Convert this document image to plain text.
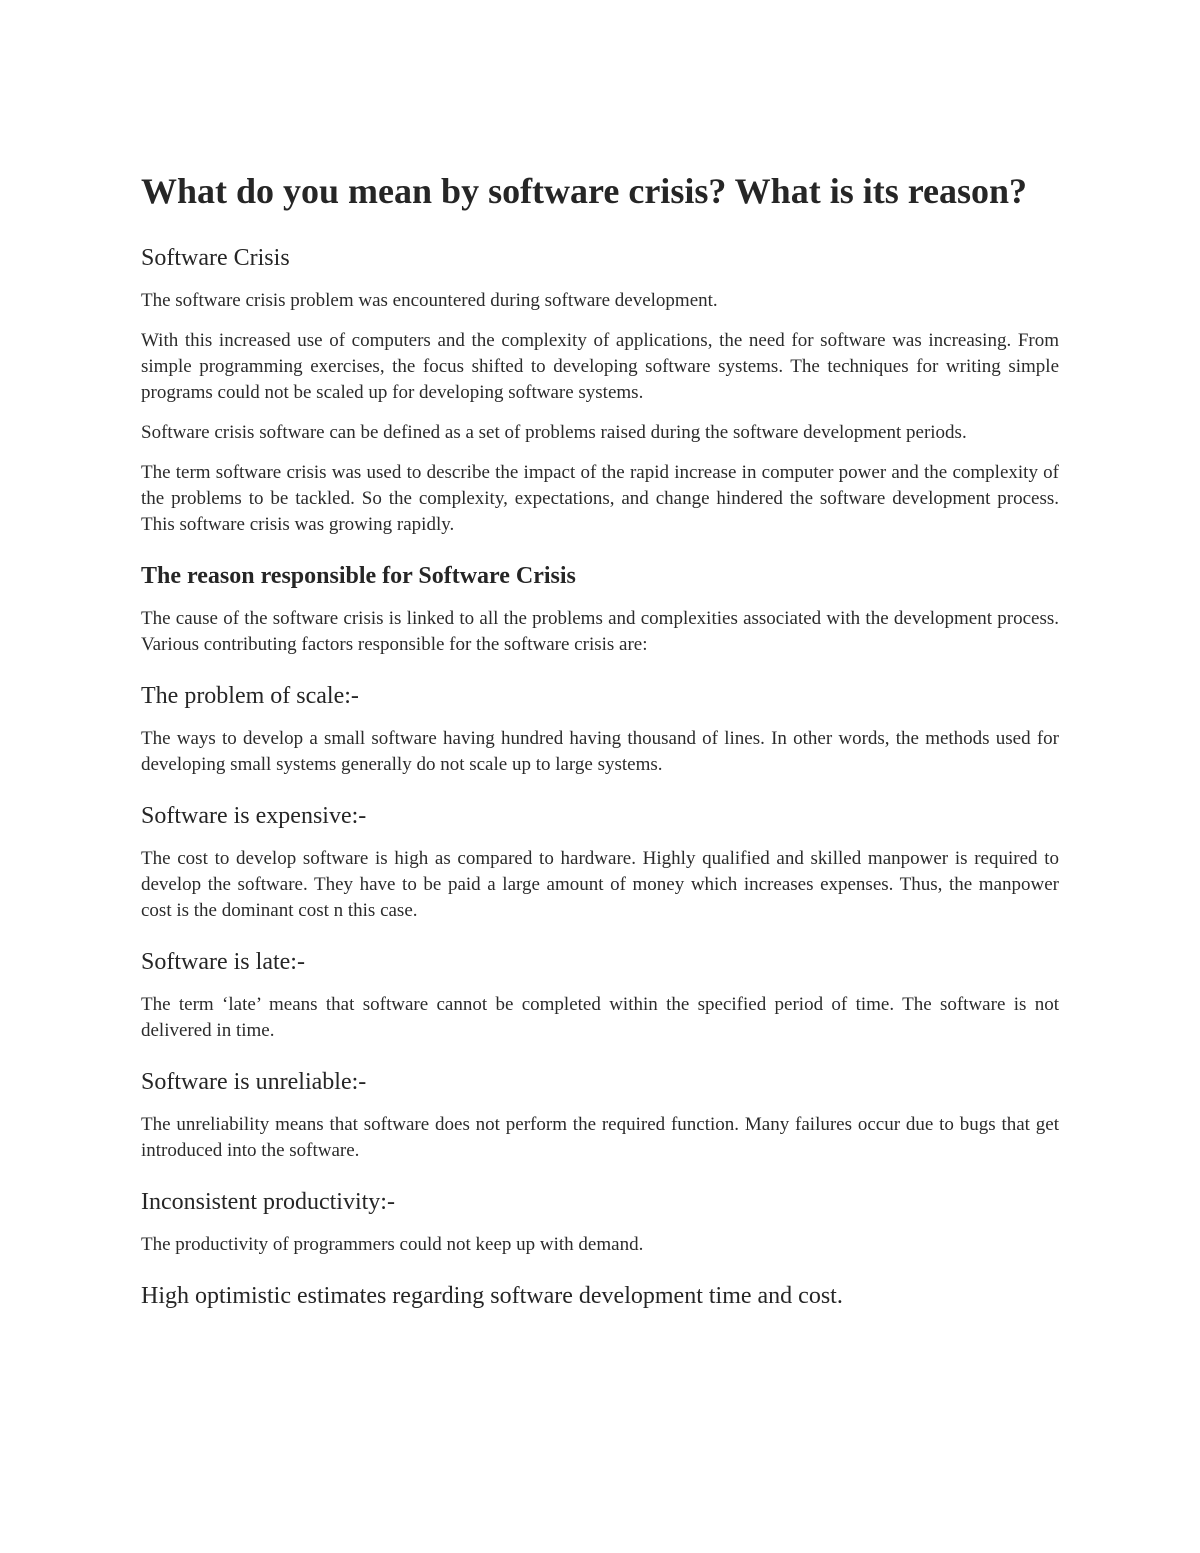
What do you mean by software crisis? What is its reason?
Software Crisis

The software crisis problem was encountered during software development.

With this increased use of computers and the complexity of applications, the need for software was increasing. From simple programming exercises, the focus shifted to developing software systems. The techniques for writing simple programs could not be scaled up for developing software systems.

Software crisis software can be defined as a set of problems raised during the software development periods.

The term software crisis was used to describe the impact of the rapid increase in computer power and the complexity of the problems to be tackled. So the complexity, expectations, and change hindered the software development process. This software crisis was growing rapidly.

The reason responsible for Software Crisis

The cause of the software crisis is linked to all the problems and complexities associated with the development process. Various contributing factors responsible for the software crisis are:

The problem of scale:-

The ways to develop a small software having hundred having thousand of lines. In other words, the methods used for developing small systems generally do not scale up to large systems.

Software is expensive:-

The cost to develop software is high as compared to hardware. Highly qualified and skilled manpower is required to develop the software. They have to be paid a large amount of money which increases expenses. Thus, the manpower cost is the dominant cost n this case.

Software is late:-

The term ‘late’ means that software cannot be completed within the specified period of time. The software is not delivered in time.

Software is unreliable:-

The unreliability means that software does not perform the required function. Many failures occur due to bugs that get introduced into the software.

Inconsistent productivity:-

The productivity of programmers could not keep up with demand.

High optimistic estimates regarding software development time and cost.
